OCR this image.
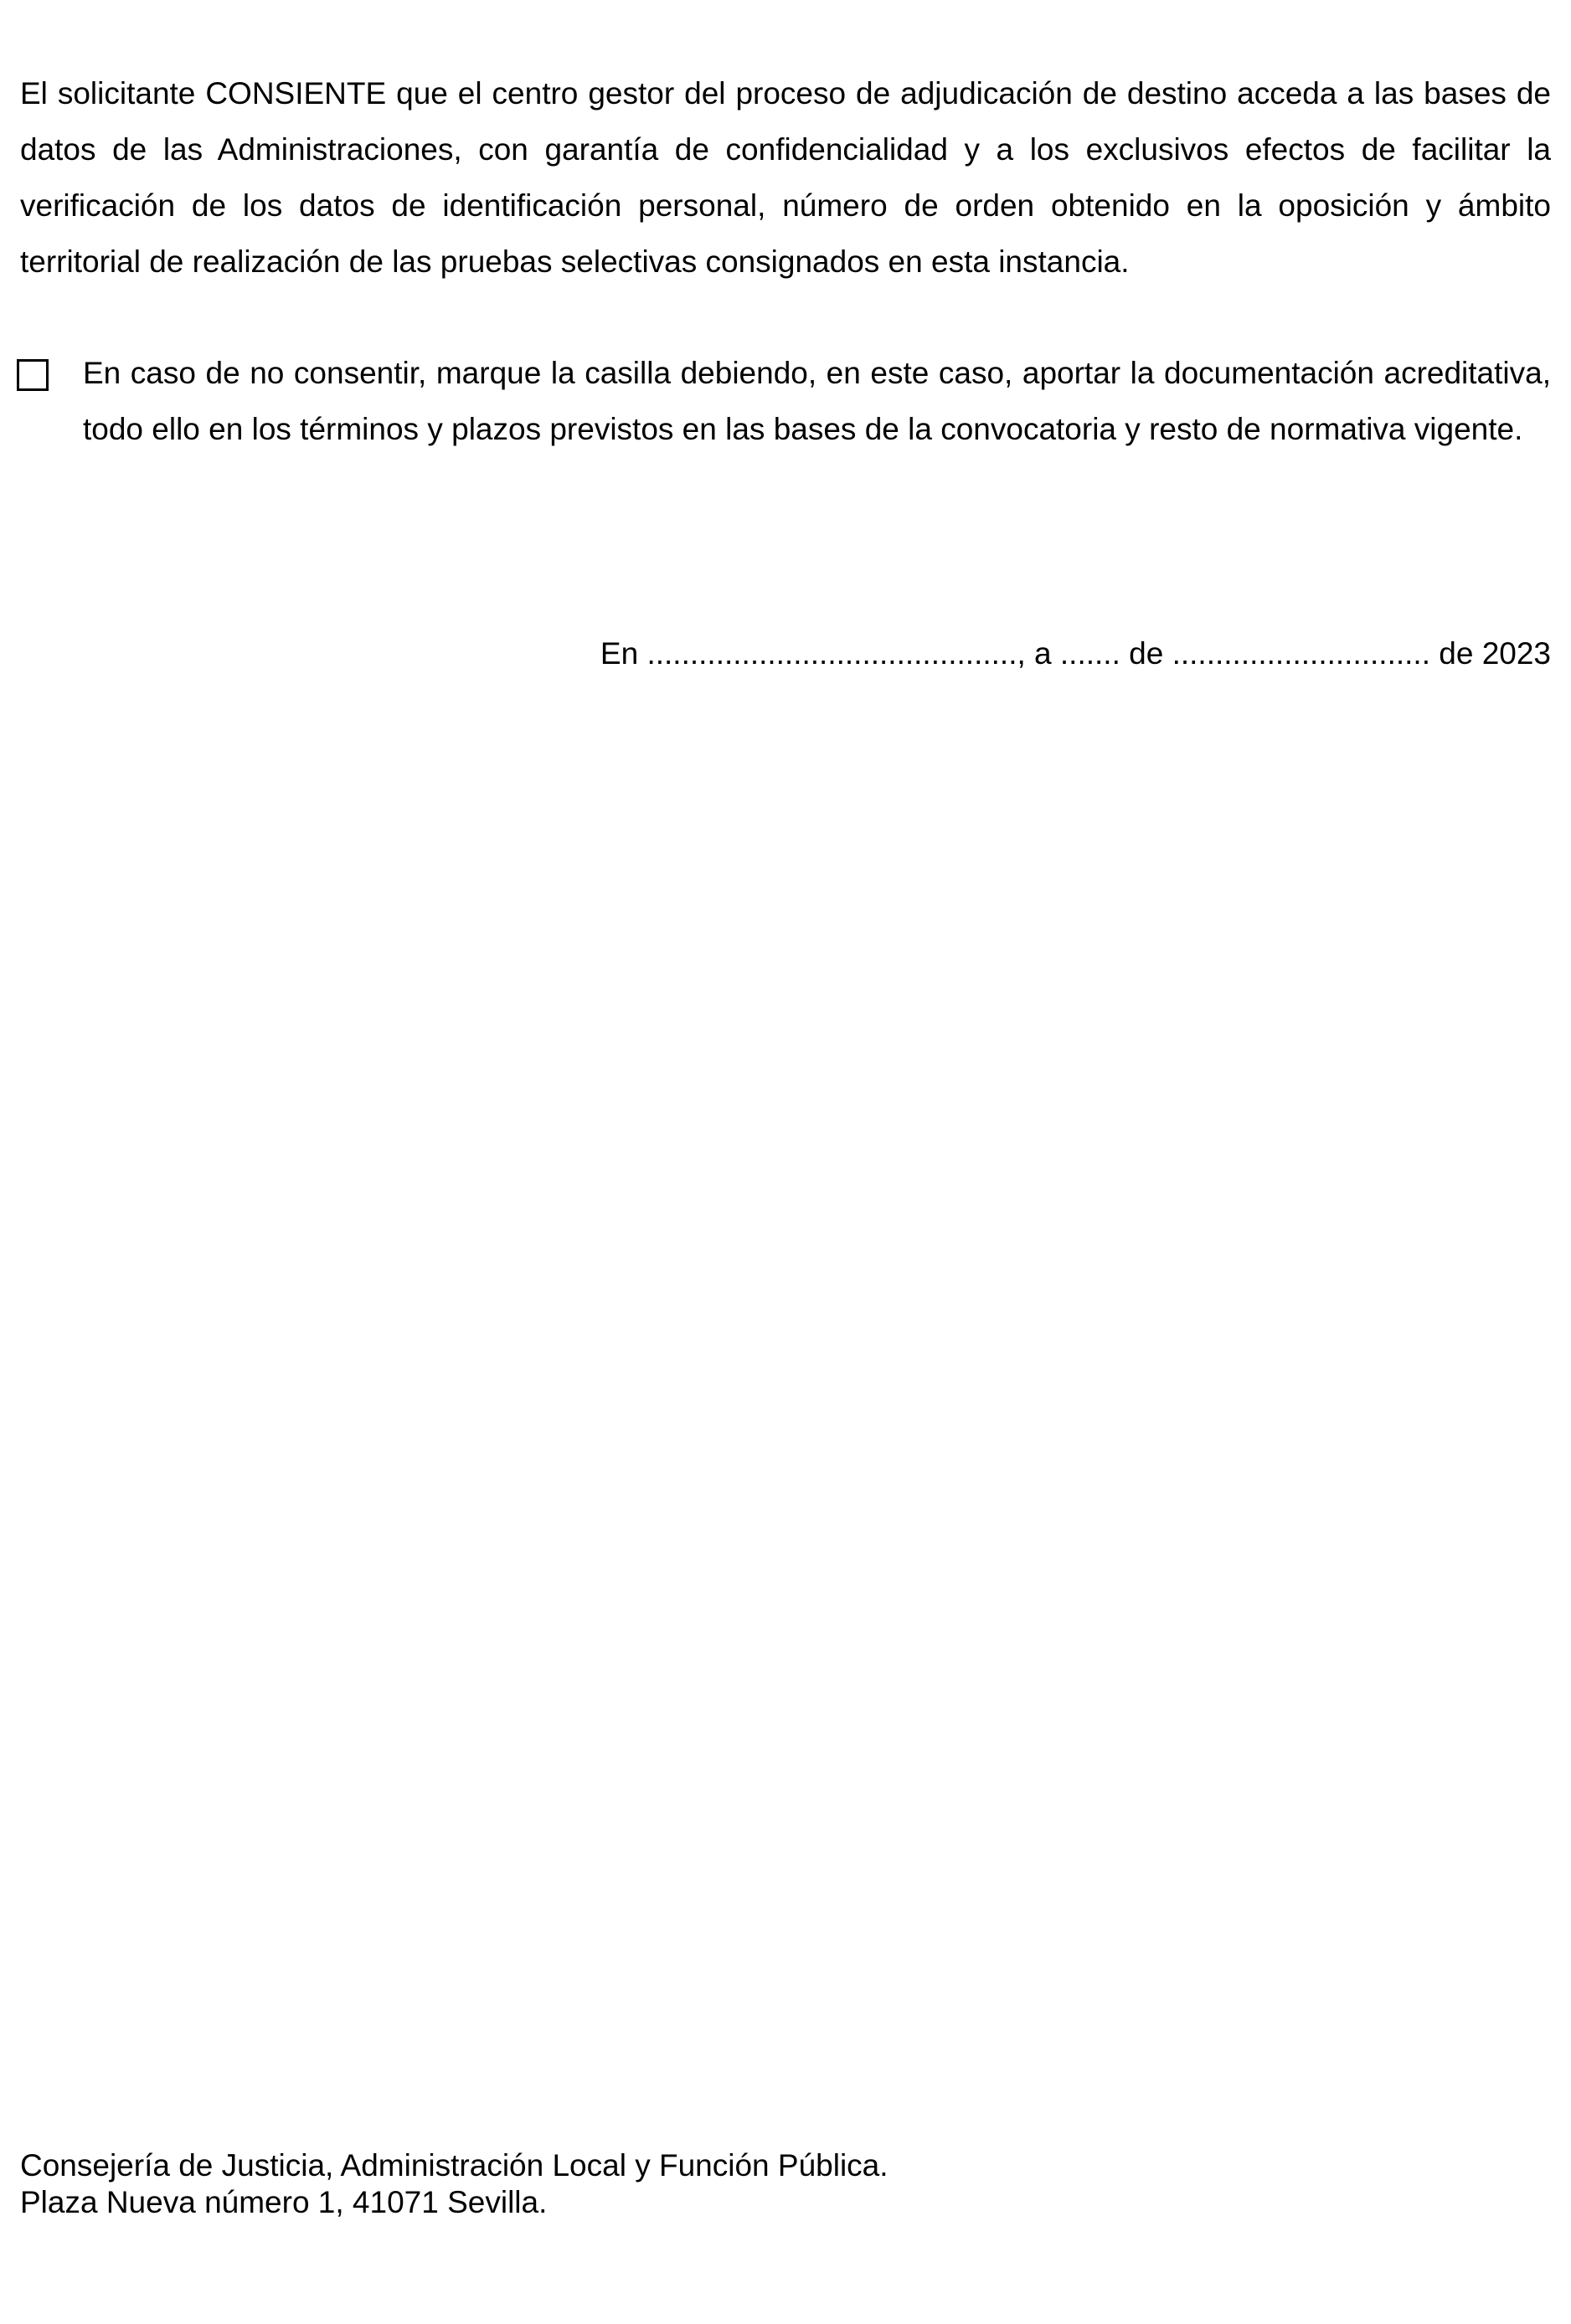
El solicitante CONSIENTE que el centro gestor del proceso de adjudicación de destino acceda a las bases de datos de las Administraciones, con garantía de confidencialidad y a los exclusivos efectos de facilitar la verificación de los datos de identificación personal, número de orden obtenido en la oposición y ámbito territorial de realización de las pruebas selectivas consignados en esta instancia.

En caso de no consentir, marque la casilla debiendo, en este caso, aportar la documentación acreditativa, todo ello en los términos y plazos previstos en las bases de la convocatoria y resto de normativa vigente.

En ..........................................., a ....... de .............................. de 2023

Consejería de Justicia, Administración Local y Función Pública.
Plaza Nueva número 1, 41071 Sevilla.
